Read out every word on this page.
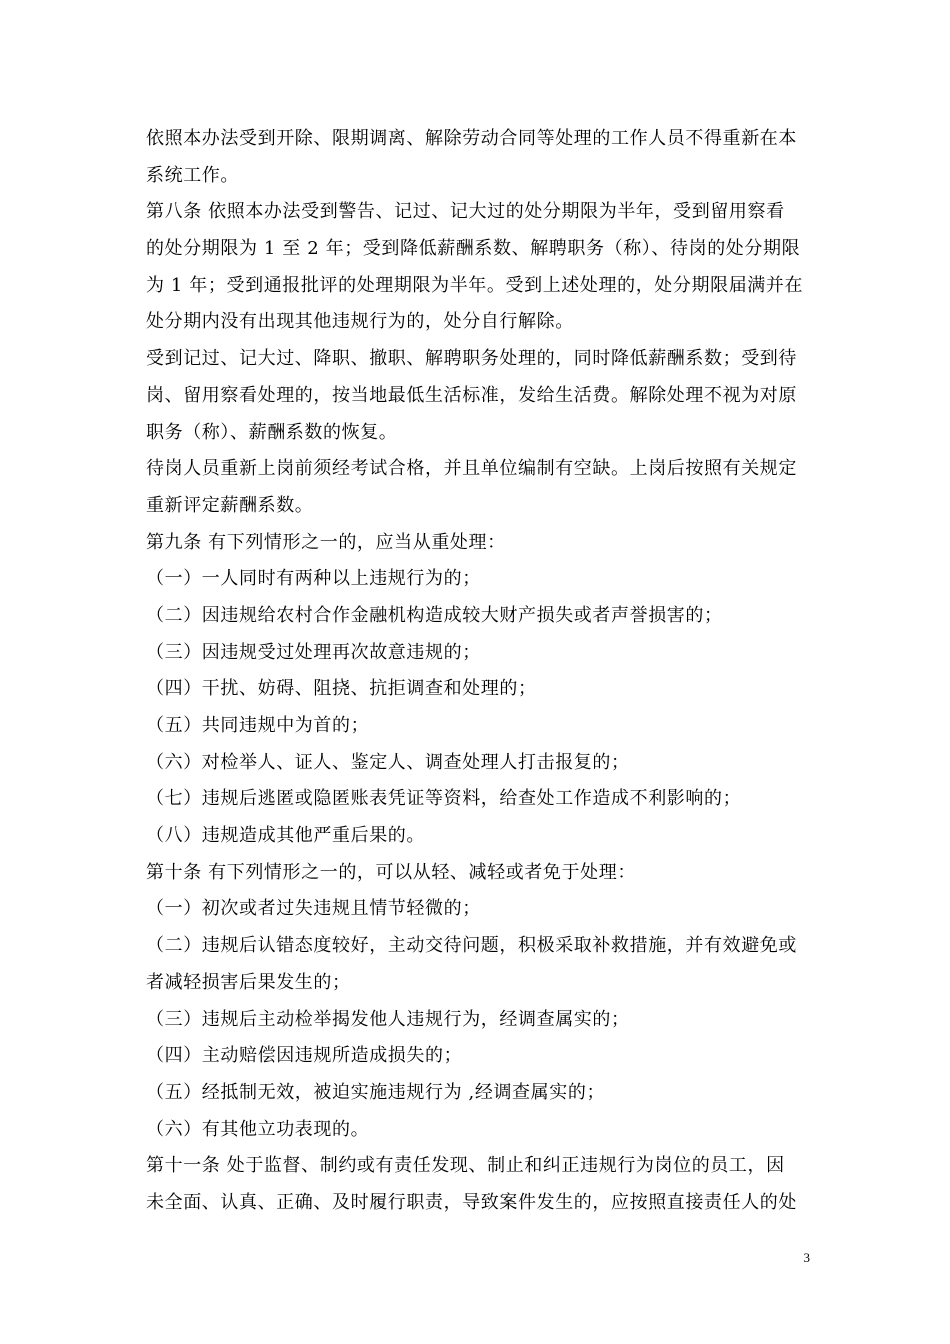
依照本办法受到开除、限期调离、解除劳动合同等处理的工作人员不得重新在本
系统工作。
第八条 依照本办法受到警告、记过、记大过的处分期限为半年，受到留用察看
的处分期限为 1 至 2 年；受到降低薪酬系数、解聘职务（称）、待岗的处分期限
为 1 年；受到通报批评的处理期限为半年。受到上述处理的，处分期限届满并在
处分期内没有出现其他违规行为的，处分自行解除。
受到记过、记大过、降职、撤职、解聘职务处理的，同时降低薪酬系数；受到待
岗、留用察看处理的，按当地最低生活标准，发给生活费。解除处理不视为对原
职务（称）、薪酬系数的恢复。
待岗人员重新上岗前须经考试合格，并且单位编制有空缺。上岗后按照有关规定
重新评定薪酬系数。
第九条 有下列情形之一的，应当从重处理：
（一）一人同时有两种以上违规行为的；
（二）因违规给农村合作金融机构造成较大财产损失或者声誉损害的；
（三）因违规受过处理再次故意违规的；
（四）干扰、妨碍、阻挠、抗拒调查和处理的；
（五）共同违规中为首的；
（六）对检举人、证人、鉴定人、调查处理人打击报复的；
（七）违规后逃匿或隐匿账表凭证等资料，给查处工作造成不利影响的；
（八）违规造成其他严重后果的。
第十条 有下列情形之一的，可以从轻、减轻或者免于处理：
（一）初次或者过失违规且情节轻微的；
（二）违规后认错态度较好，主动交待问题，积极采取补救措施，并有效避免或
者减轻损害后果发生的；
（三）违规后主动检举揭发他人违规行为，经调查属实的；
（四）主动赔偿因违规所造成损失的；
（五）经抵制无效，被迫实施违规行为 ,经调查属实的；
（六）有其他立功表现的。
第十一条 处于监督、制约或有责任发现、制止和纠正违规行为岗位的员工，因
未全面、认真、正确、及时履行职责，导致案件发生的，应按照直接责任人的处
3
